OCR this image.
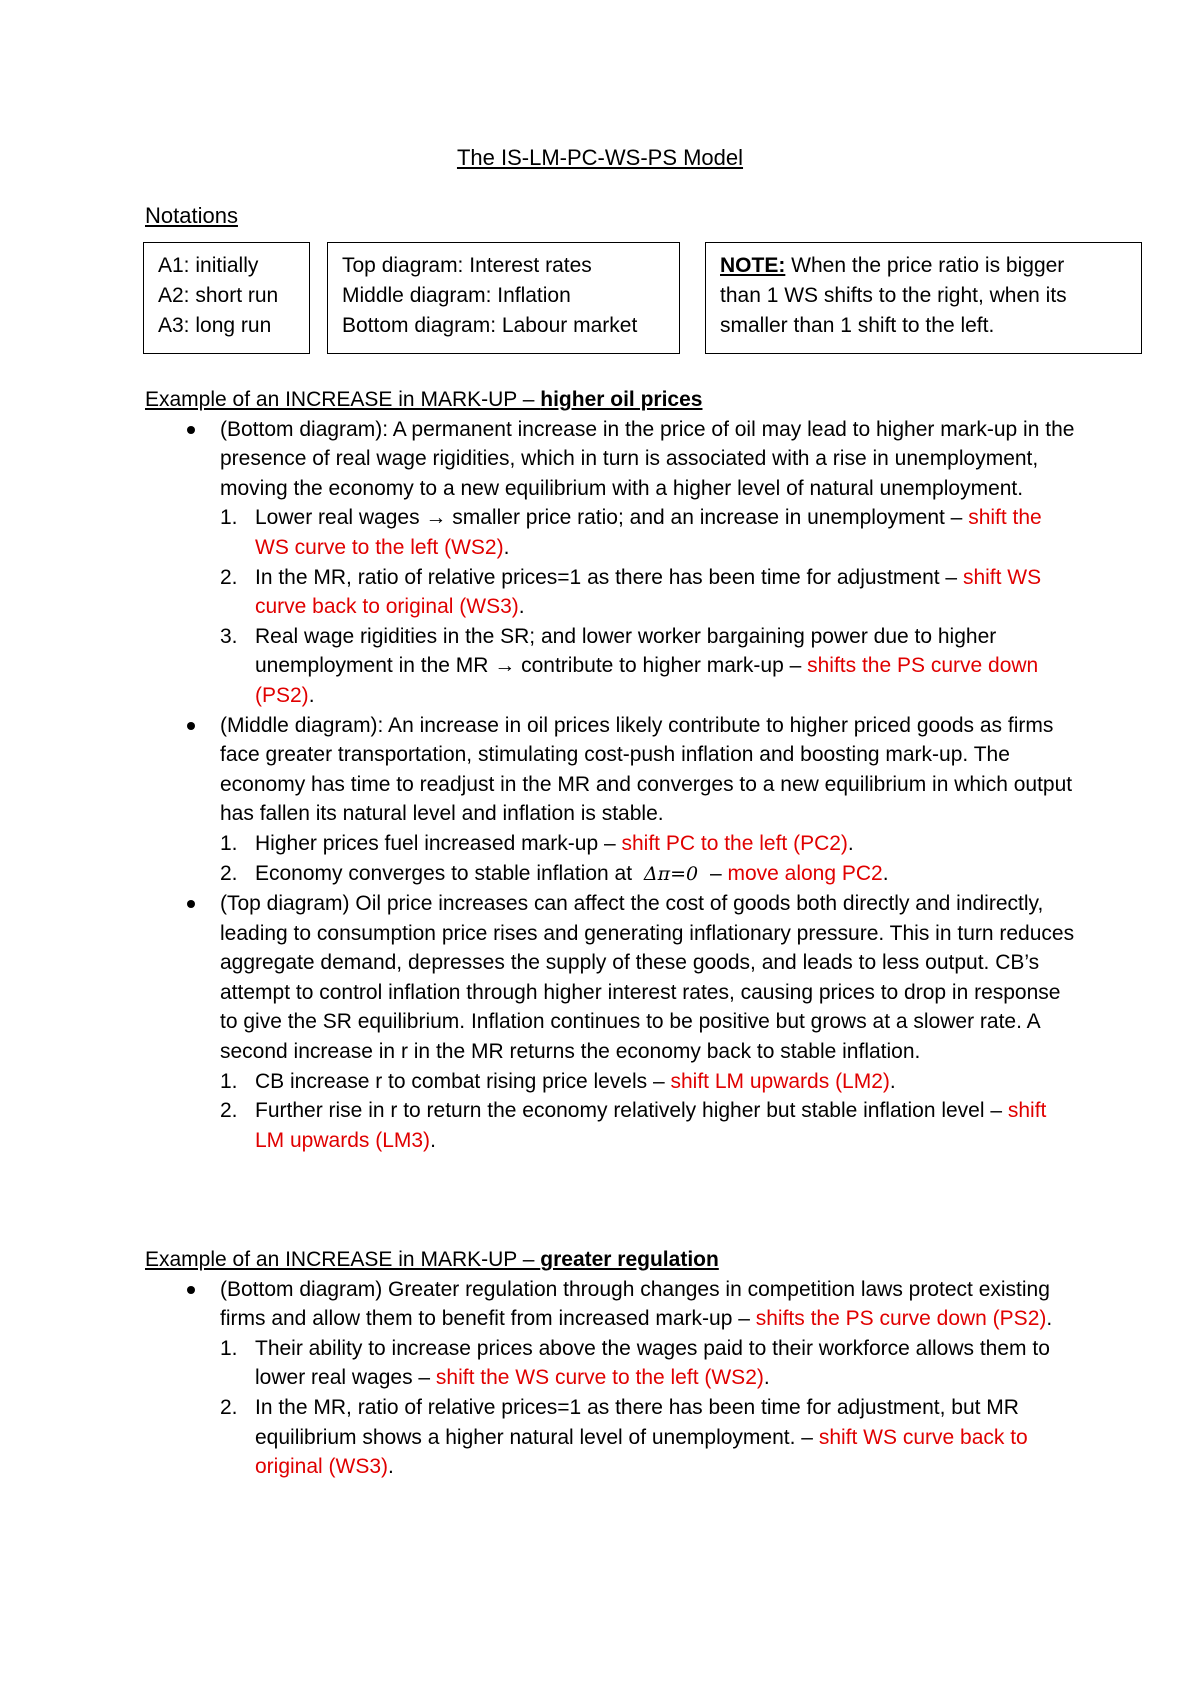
The IS-LM-PC-WS-PS Model
Notations
A1: initially
A2: short run
A3: long run
Top diagram: Interest rates
Middle diagram: Inflation
Bottom diagram: Labour market
NOTE: When the price ratio is bigger
than 1 WS shifts to the right, when its
smaller than 1 shift to the left.
Example of an INCREASE in MARK-UP – higher oil prices
(Bottom diagram): A permanent increase in the price of oil may lead to higher mark-up in the presence of real wage rigidities, which in turn is associated with a rise in unemployment, moving the economy to a new equilibrium with a higher level of natural unemployment.
1. Lower real wages → smaller price ratio; and an increase in unemployment – shift the WS curve to the left (WS2).
2. In the MR, ratio of relative prices=1 as there has been time for adjustment – shift WS curve back to original (WS3).
3. Real wage rigidities in the SR; and lower worker bargaining power due to higher unemployment in the MR → contribute to higher mark-up – shifts the PS curve down (PS2).
(Middle diagram): An increase in oil prices likely contribute to higher priced goods as firms face greater transportation, stimulating cost-push inflation and boosting mark-up. The economy has time to readjust in the MR and converges to a new equilibrium in which output has fallen its natural level and inflation is stable.
1. Higher prices fuel increased mark-up – shift PC to the left (PC2).
2. Economy converges to stable inflation at Δπ=0 – move along PC2.
(Top diagram) Oil price increases can affect the cost of goods both directly and indirectly, leading to consumption price rises and generating inflationary pressure. This in turn reduces aggregate demand, depresses the supply of these goods, and leads to less output. CB’s attempt to control inflation through higher interest rates, causing prices to drop in response to give the SR equilibrium. Inflation continues to be positive but grows at a slower rate. A second increase in r in the MR returns the economy back to stable inflation.
1. CB increase r to combat rising price levels – shift LM upwards (LM2).
2. Further rise in r to return the economy relatively higher but stable inflation level – shift LM upwards (LM3).
Example of an INCREASE in MARK-UP – greater regulation
(Bottom diagram) Greater regulation through changes in competition laws protect existing firms and allow them to benefit from increased mark-up – shifts the PS curve down (PS2).
1. Their ability to increase prices above the wages paid to their workforce allows them to lower real wages – shift the WS curve to the left (WS2).
2. In the MR, ratio of relative prices=1 as there has been time for adjustment, but MR equilibrium shows a higher natural level of unemployment. – shift WS curve back to original (WS3).
